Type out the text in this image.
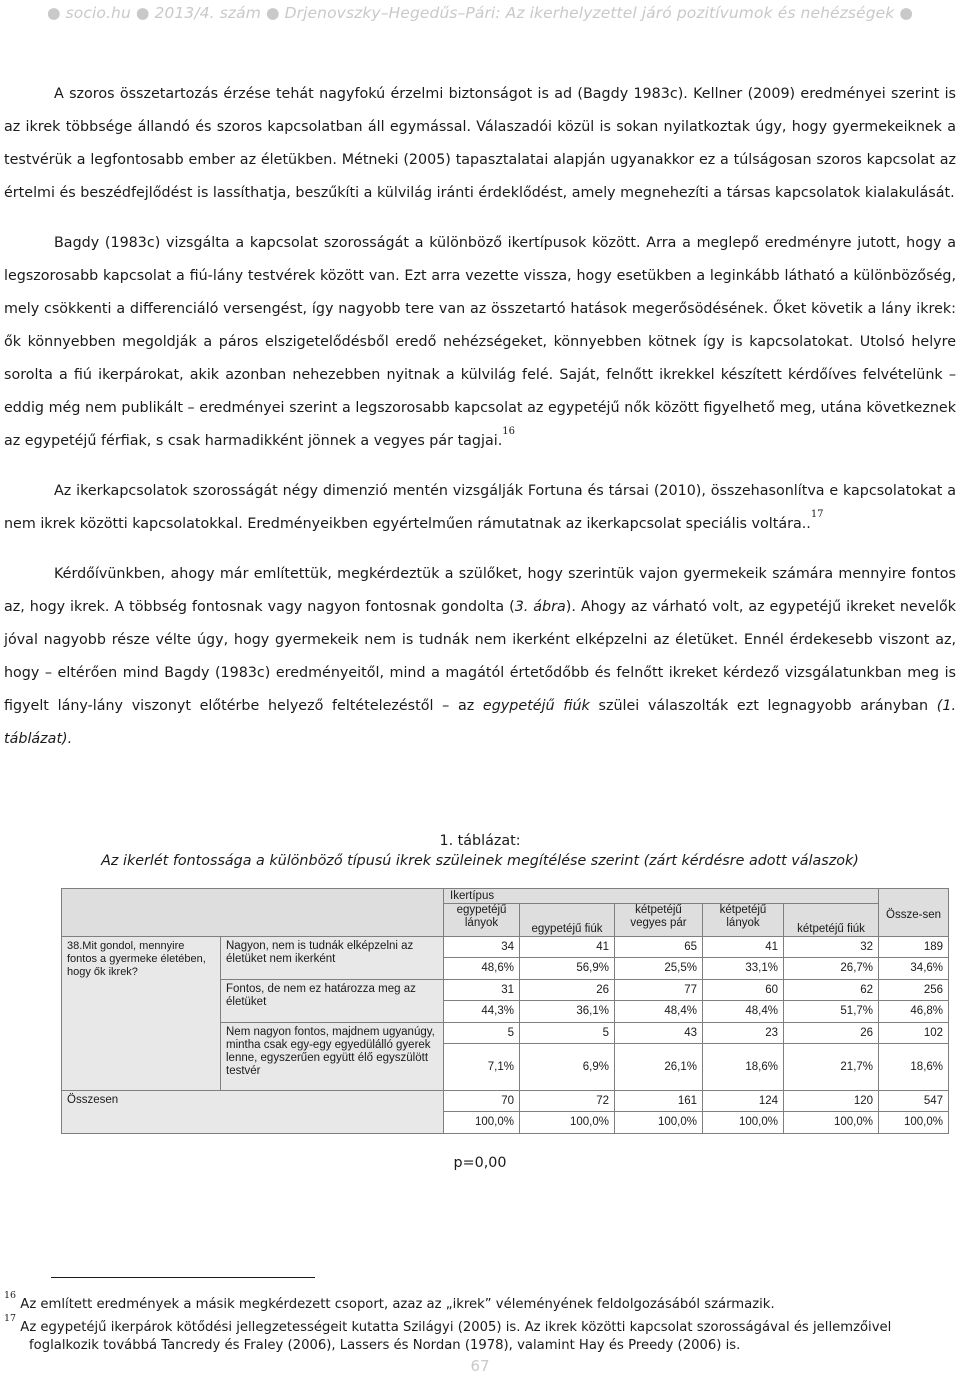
● socio.hu ● 2013/4. szám ● Drjenovszky–Hegedűs–Pári: Az ikerhelyzettel járó pozitívumok és nehézségek ●

A szoros összetartozás érzése tehát nagyfokú érzelmi biztonságot is ad (Bagdy 1983c). Kellner (2009) eredményei szerint is az ikrek többsége állandó és szoros kapcsolatban áll egymással. Válaszadói közül is sokan nyilatkoztak úgy, hogy gyermekeiknek a testvérük a legfontosabb ember az életükben. Métneki (2005) tapasztalatai alapján ugyanakkor ez a túlságosan szoros kapcsolat az értelmi és beszédfejlődést is lassíthatja, beszűkíti a külvilág iránti érdeklődést, amely megnehezíti a társas kapcsolatok kialakulását.

Bagdy (1983c) vizsgálta a kapcsolat szorosságát a különböző ikertípusok között. Arra a meglepő eredményre jutott, hogy a legszorosabb kapcsolat a fiú-lány testvérek között van. Ezt arra vezette vissza, hogy esetükben a leginkább látható a különbözőség, mely csökkenti a differenciáló versengést, így nagyobb tere van az összetartó hatások megerősödésének. Őket követik a lány ikrek: ők könnyebben megoldják a páros elszigetelődésből eredő nehézségeket, könnyebben kötnek így is kapcsolatokat. Utolsó helyre sorolta a fiú ikerpárokat, akik azonban nehezebben nyitnak a külvilág felé. Saját, felnőtt ikrekkel készített kérdőíves felvételünk – eddig még nem publikált – eredményei szerint a legszorosabb kapcsolat az egypetéjű nők között figyelhető meg, utána következnek az egypetéjű férfiak, s csak harmadikként jönnek a vegyes pár tagjai.$^{16}$

Az ikerkapcsolatok szorosságát négy dimenzió mentén vizsgálják Fortuna és társai (2010), összehasonlítva e kapcsolatokat a nem ikrek közötti kapcsolatokkal. Eredményeikben egyértelműen rámutatnak az ikerkapcsolat speciális voltára..$^{17}$

Kérdőívünkben, ahogy már említettük, megkérdeztük a szülőket, hogy szerintük vajon gyermekeik számára mennyire fontos az, hogy ikrek. A többség fontosnak vagy nagyon fontosnak gondolta (3. ábra). Ahogy az várható volt, az egypetéjű ikreket nevelők jóval nagyobb része vélte úgy, hogy gyermekeik nem is tudnák nem ikerként elképzelni az életüket. Ennél érdekesebb viszont az, hogy – eltérően mind Bagdy (1983c) eredményeitől, mind a magától értetődőbb és felnőtt ikreket kérdező vizsgálatunkban meg is figyelt lány-lány viszonyt előtérbe helyező feltételezéstől – az egypetéjű fiúk szülei válaszolták ezt legnagyobb arányban (1. táblázat).

1. táblázat:
Az ikerlét fontossága a különböző típusú ikrek szüleinek megítélése szerint (zárt kérdésre adott válaszok)
		Ikertípus					Össze-sen
		egypetéjű lányok	egypetéjű fiúk	kétpetéjű vegyes pár	kétpetéjű lányok	kétpetéjű fiúk	
38.Mit gondol, mennyire fontos a gyermeke életében, hogy ők ikrek?	Nagyon, nem is tudnák elképzelni az életüket nem ikerként	34	41	65	41	32	189
		48,6%	56,9%	25,5%	33,1%	26,7%	34,6%
	Fontos, de nem ez határozza meg az életüket	31	26	77	60	62	256
		44,3%	36,1%	48,4%	48,4%	51,7%	46,8%
	Nem nagyon fontos, majdnem ugyanúgy, mintha csak egy-egy egyedülálló gyerek lenne, egyszerűen együtt élő egyszülött testvér	5	5	43	23	26	102
		7,1%	6,9%	26,1%	18,6%	21,7%	18,6%
Összesen		70	72	161	124	120	547
		100,0%	100,0%	100,0%	100,0%	100,0%	100,0%
p=0,00
$^{16}$ Az említett eredmények a másik megkérdezett csoport, azaz az „ikrek” véleményének feldolgozásából származik.
$^{17}$ Az egypetéjű ikerpárok kötődési jellegzetességeit kutatta Szilágyi (2005) is. Az ikrek közötti kapcsolat szorosságával és jellemzőivel
foglalkozik továbbá Tancredy és Fraley (2006), Lassers és Nordan (1978), valamint Hay és Preedy (2006) is.
67
